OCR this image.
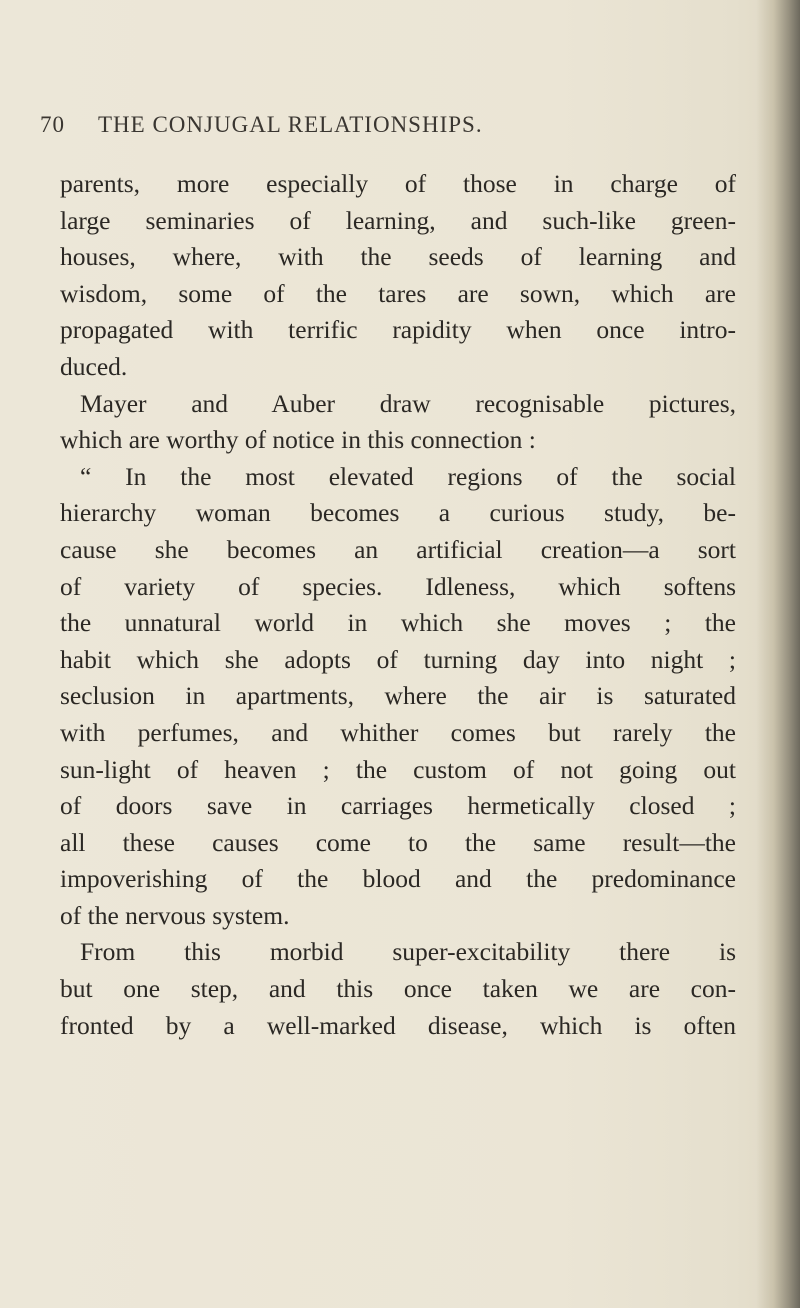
70 THE CONJUGAL RELATIONSHIPS.
parents, more especially of those in charge of
large seminaries of learning, and such-like green-
houses, where, with the seeds of learning and
wisdom, some of the tares are sown, which are
propagated with terrific rapidity when once intro-
duced.
Mayer and Auber draw recognisable pictures,
which are worthy of notice in this connection :
“ In the most elevated regions of the social
hierarchy woman becomes a curious study, be-
cause she becomes an artificial creation—a sort
of variety of species. Idleness, which softens
the unnatural world in which she moves ; the
habit which she adopts of turning day into night ;
seclusion in apartments, where the air is saturated
with perfumes, and whither comes but rarely the
sun-light of heaven ; the custom of not going out
of doors save in carriages hermetically closed ;
all these causes come to the same result—the
impoverishing of the blood and the predominance
of the nervous system.
From this morbid super-excitability there is
but one step, and this once taken we are con-
fronted by a well-marked disease, which is often
